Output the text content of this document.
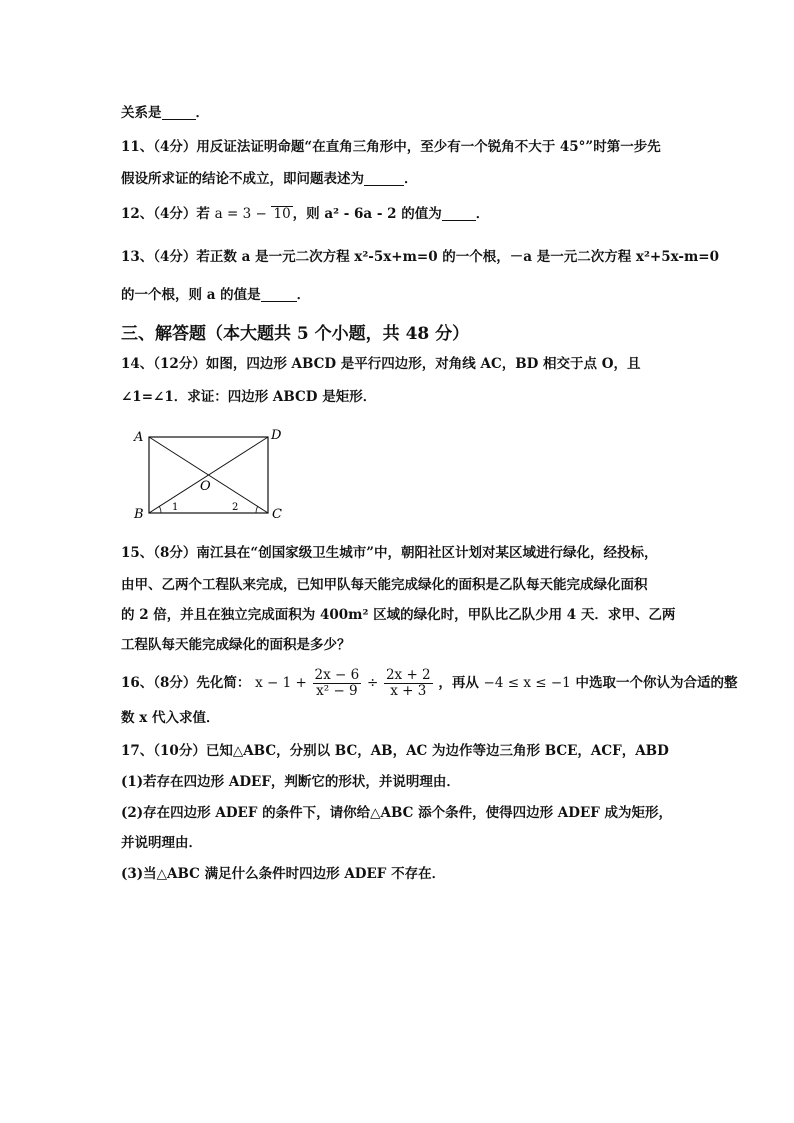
关系是	．
11、（4分）用反证法证明命题“在直角三角形中，至少有一个锐角不大于 45°”时第一步先
假设所求证的结论不成立，即问题表述为	．
12、（4分）若 a = 3 − 10 ，则 a² - 6a - 2 的值为	．
13、（4分）若正数 a 是一元二次方程 x²-5x+m=0 的一个根，－a 是一元二次方程 x²+5x-m=0
的一个根，则 a 的值是	．
三、解答题（本大题共 5 个小题，共 48 分）
14、（12分）如图，四边形 ABCD 是平行四边形，对角线 AC，BD 相交于点 O，且
∠1=∠1．求证：四边形 ABCD 是矩形．
A
B	C
D
O
1	2
15、（8分）南江县在“创国家级卫生城市”中，朝阳社区计划对某区域进行绿化，经投标，
由甲、乙两个工程队来完成，已知甲队每天能完成绿化的面积是乙队每天能完成绿化面积
的 2 倍，并且在独立完成面积为 400m² 区域的绿化时，甲队比乙队少用 4 天．求甲、乙两
工程队每天能完成绿化的面积是多少？
16、（8分）先化简： $x - 1 + \frac{2x - 6}{\text{x² − 9}} \div \frac{2x + 2}{x + 3}$ ，再从 −4 ≤ x ≤ −1 中选取一个你认为合适的整
数 x 代入求值．
17、（10分）已知△ABC，分别以 BC，AB，AC 为边作等边三角形 BCE，ACF，ABD
(1)若存在四边形 ADEF，判断它的形状，并说明理由．
(2)存在四边形 ADEF 的条件下，请你给△ABC 添个条件，使得四边形 ADEF 成为矩形，
并说明理由．
(3)当△ABC 满足什么条件时四边形 ADEF 不存在．
